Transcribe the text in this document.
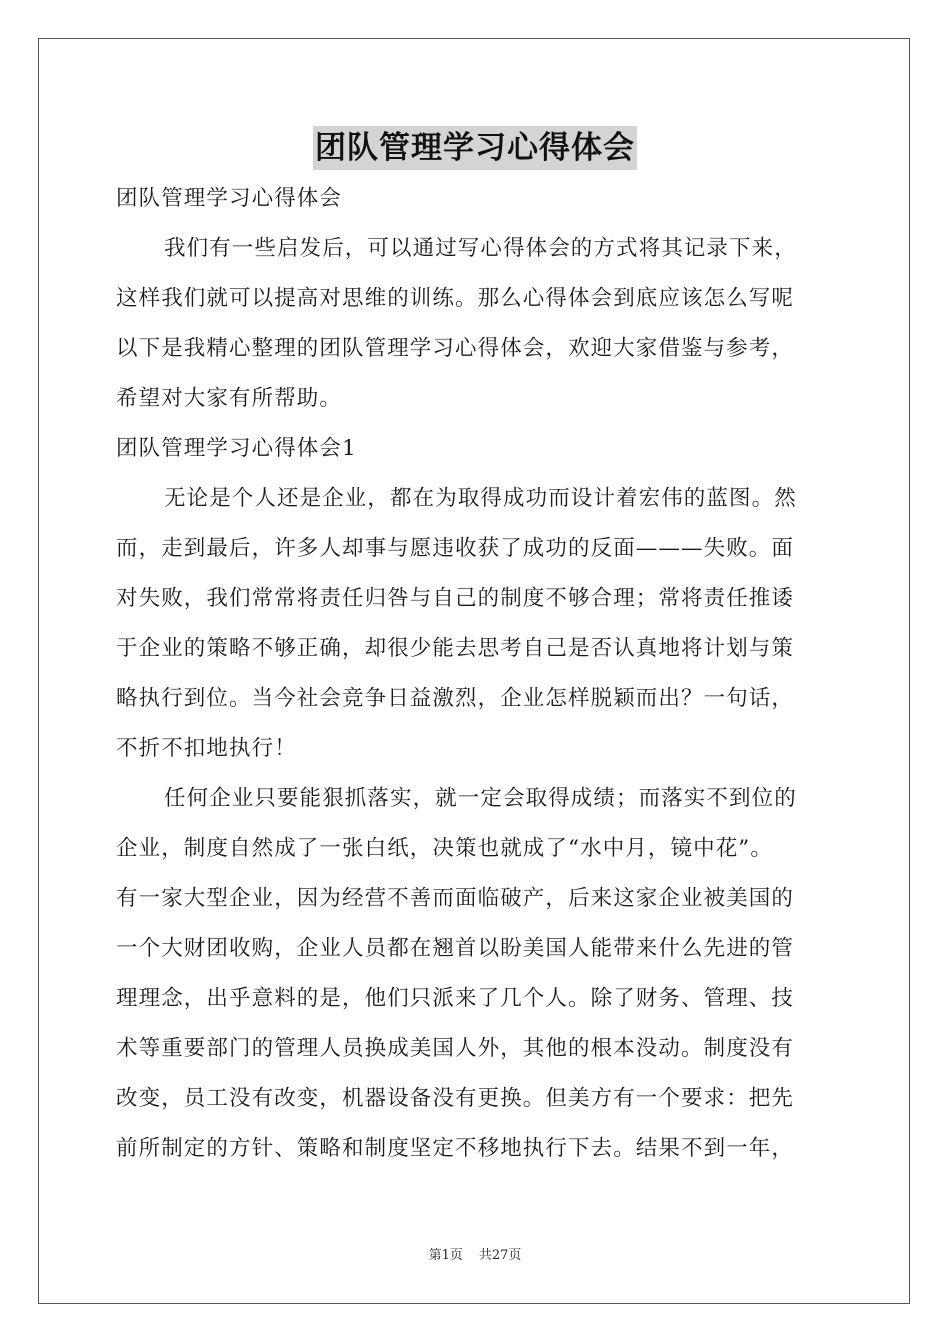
团队管理学习心得体会
团队管理学习心得体会
我们有一些启发后，可以通过写心得体会的方式将其记录下来，
这样我们就可以提高对思维的训练。那么心得体会到底应该怎么写呢
以下是我精心整理的团队管理学习心得体会，欢迎大家借鉴与参考，
希望对大家有所帮助。
团队管理学习心得体会1
无论是个人还是企业，都在为取得成功而设计着宏伟的蓝图。然
而，走到最后，许多人却事与愿违收获了成功的反面———失败。面
对失败，我们常常将责任归咎与自己的制度不够合理；常将责任推诿
于企业的策略不够正确，却很少能去思考自己是否认真地将计划与策
略执行到位。当今社会竞争日益激烈，企业怎样脱颖而出？一句话，
不折不扣地执行！
任何企业只要能狠抓落实，就一定会取得成绩；而落实不到位的
企业，制度自然成了一张白纸，决策也就成了“水中月，镜中花”。
有一家大型企业，因为经营不善而面临破产，后来这家企业被美国的
一个大财团收购，企业人员都在翘首以盼美国人能带来什么先进的管
理理念，出乎意料的是，他们只派来了几个人。除了财务、管理、技
术等重要部门的管理人员换成美国人外，其他的根本没动。制度没有
改变，员工没有改变，机器设备没有更换。但美方有一个要求：把先
前所制定的方针、策略和制度坚定不移地执行下去。结果不到一年，
第1页 共27页
